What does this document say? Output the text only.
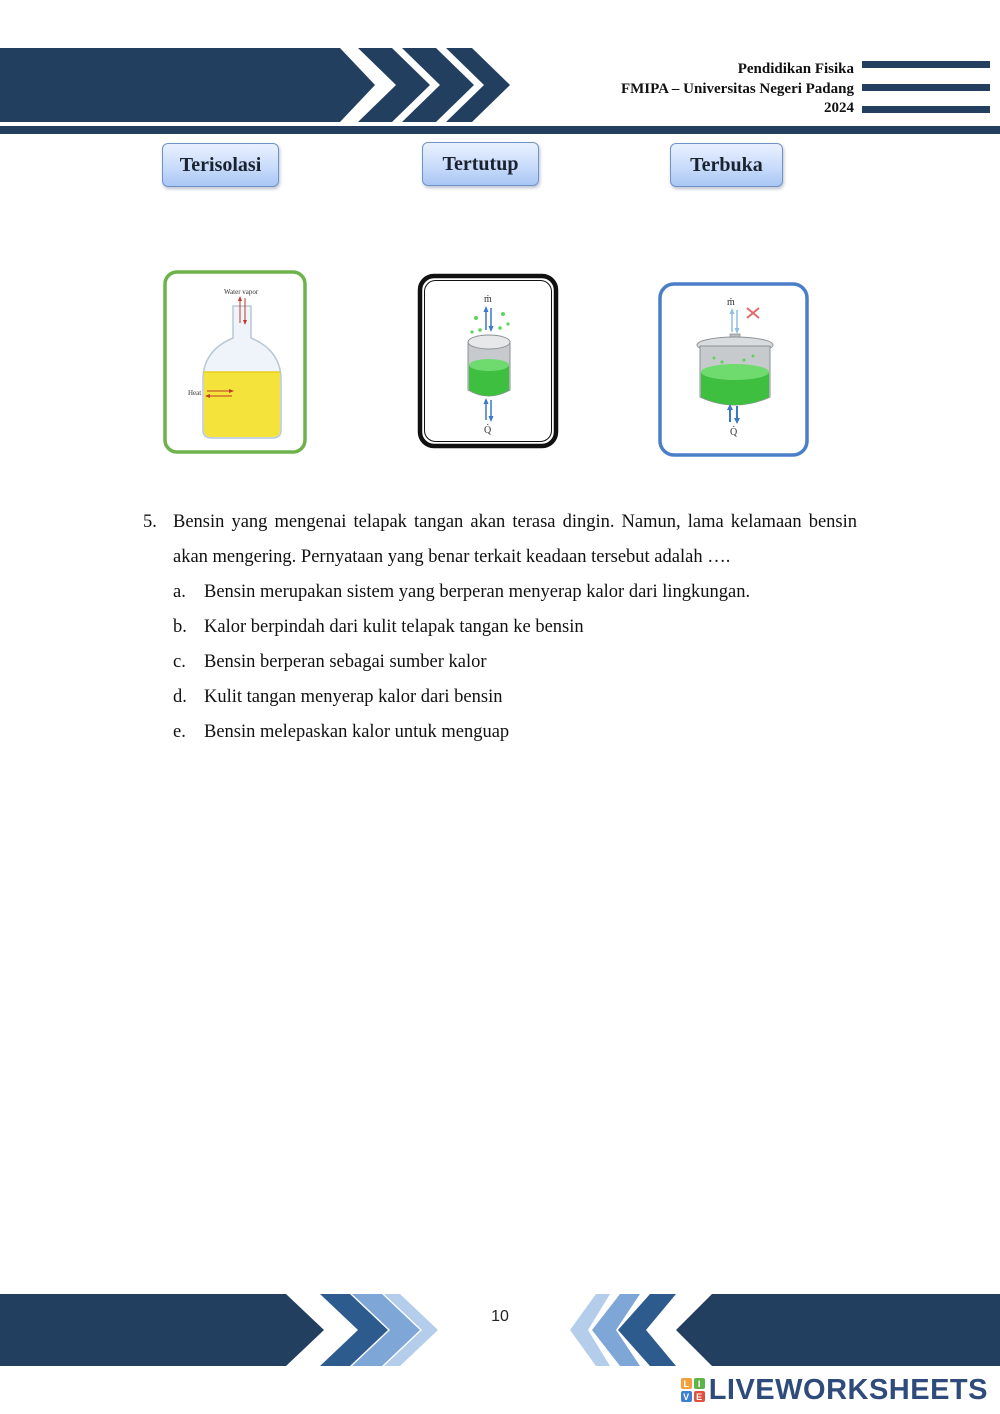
Pendidikan Fisika
FMIPA – Universitas Negeri Padang
2024
Terisolasi	Tertutup	Terbuka
Water vapor
Heat
ṁ
Q̇
ṁ
Q̇
5. Bensin yang mengenai telapak tangan akan terasa dingin. Namun, lama kelamaan bensin akan mengering. Pernyataan yang benar terkait keadaan tersebut adalah ….
a. Bensin merupakan sistem yang berperan menyerap kalor dari lingkungan.
b. Kalor berpindah dari kulit telapak tangan ke bensin
c. Bensin berperan sebagai sumber kalor
d. Kulit tangan menyerap kalor dari bensin
e. Bensin melepaskan kalor untuk menguap
10
L I
V E LIVEWORKSHEETS
